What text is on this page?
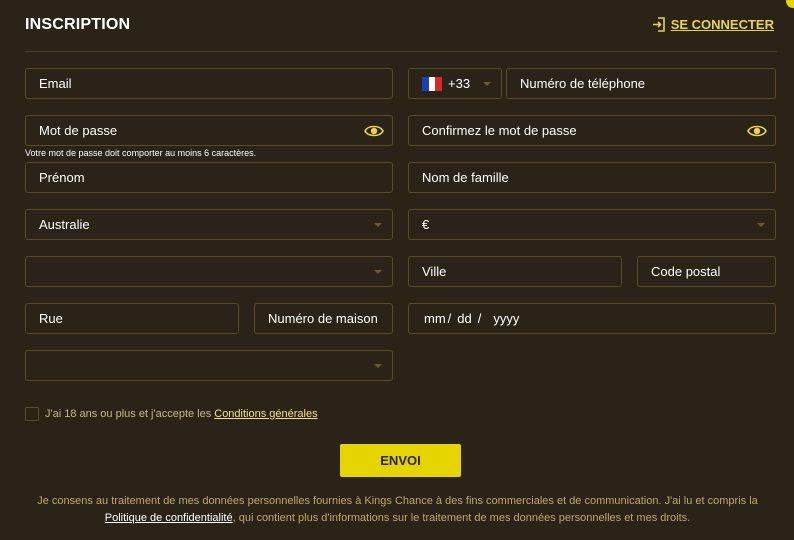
INSCRIPTION	SE CONNECTER
Email	+33	Numéro de téléphone
Mot de passe	Confirmez le mot de passe
Votre mot de passe doit comporter au moins 6 caractères.
Prénom	Nom de famille
Australie	€
Ville	Code postal
Rue	Numéro de maison	mm / dd / yyyy
J'ai 18 ans ou plus et j'accepte les Conditions générales
ENVOI
Je consens au traitement de mes données personnelles fournies à Kings Chance à des fins commerciales et de communication. J'ai lu et compris la
Politique de confidentialité, qui contient plus d'informations sur le traitement de mes données personnelles et mes droits.
